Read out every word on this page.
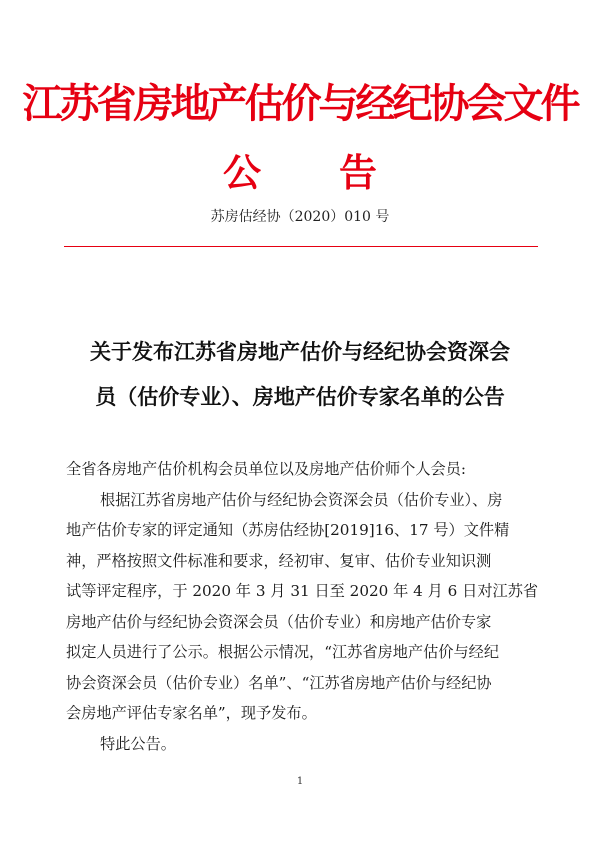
江苏省房地产估价与经纪协会文件
公告
苏房估经协（2020）010 号
关于发布江苏省房地产估价与经纪协会资深会
员（估价专业）、房地产估价专家名单的公告
全省各房地产估价机构会员单位以及房地产估价师个人会员:
根据江苏省房地产估价与经纪协会资深会员（估价专业）、房
地产估价专家的评定通知（苏房估经协[2019]16、17 号）文件精
神，严格按照文件标准和要求，经初审、复审、估价专业知识测
试等评定程序，于 2020 年 3 月 31 日至 2020 年 4 月 6 日对江苏省
房地产估价与经纪协会资深会员（估价专业）和房地产估价专家
拟定人员进行了公示。根据公示情况，“江苏省房地产估价与经纪
协会资深会员（估价专业）名单”、“江苏省房地产估价与经纪协
会房地产评估专家名单”，现予发布。
特此公告。
1
